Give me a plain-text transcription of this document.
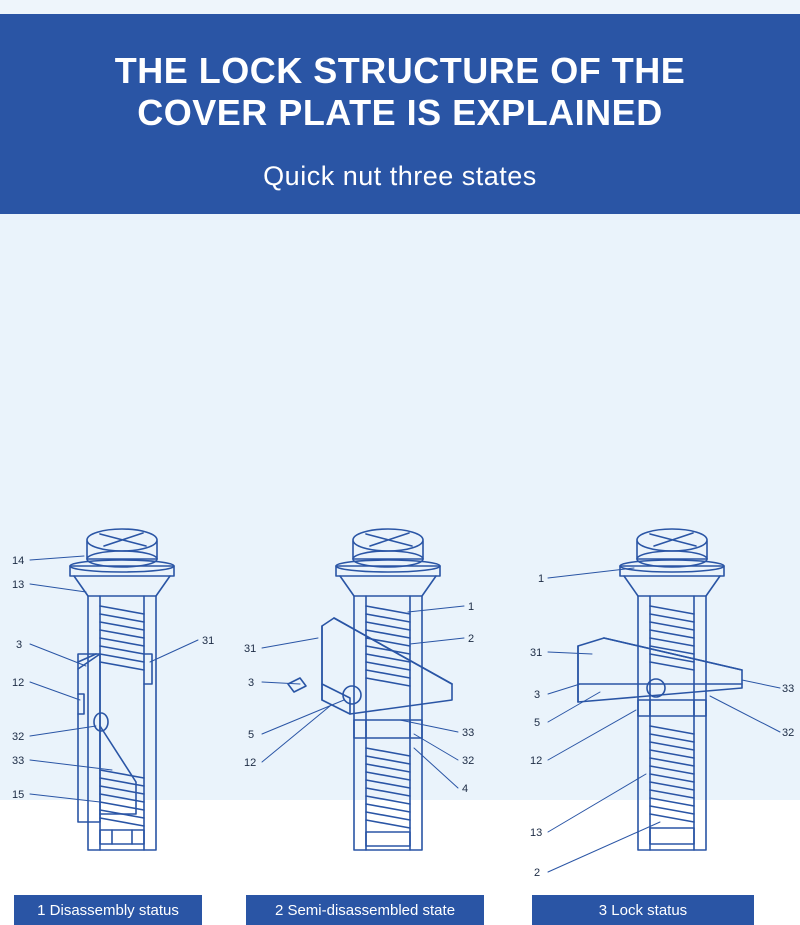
THE LOCK STRUCTURE OF THE
COVER PLATE IS EXPLAINED
Quick nut three states
14
13
3
12
32
33
15
31
1
2
31
3
5
12
33
32
4
1
31
3
5
12
13
2
33
32
1 Disassembly status	2 Semi-disassembled state	3 Lock status
